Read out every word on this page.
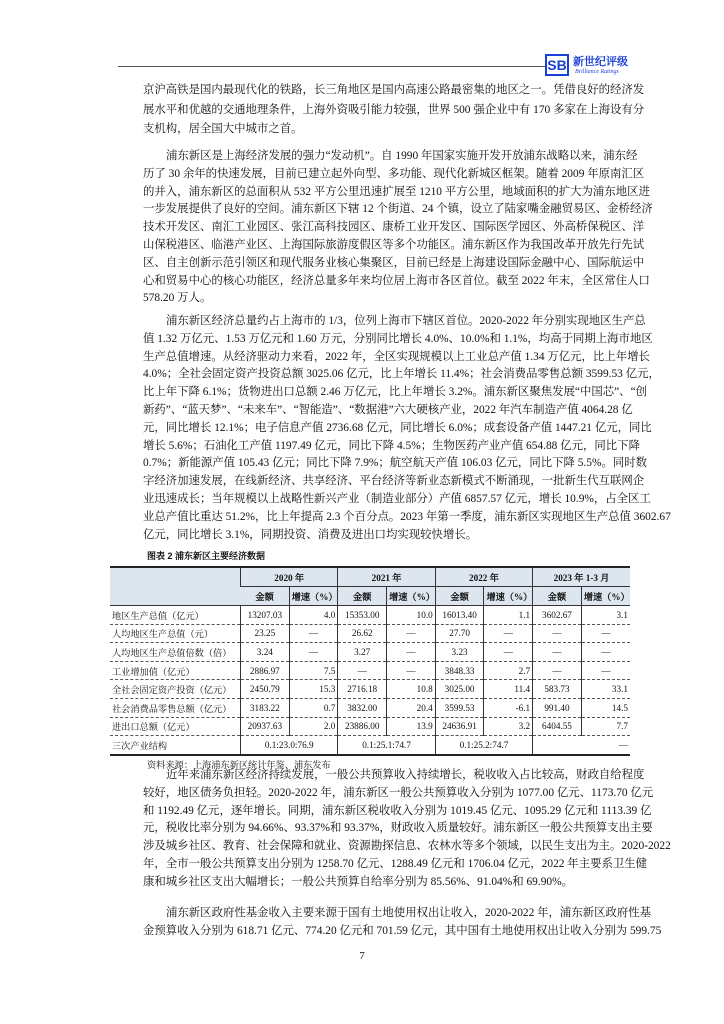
SB 新世纪评级
Brilliance Ratings
京沪高铁是国内最现代化的铁路，长三角地区是国内高速公路最密集的地区之一。凭借良好的经济发
展水平和优越的交通地理条件，上海外资吸引能力较强，世界 500 强企业中有 170 多家在上海设有分
支机构，居全国大中城市之首。
浦东新区是上海经济发展的强力“发动机”。自 1990 年国家实施开发开放浦东战略以来，浦东经
历了 30 余年的快速发展，目前已建立起外向型、多功能、现代化新城区框架。随着 2009 年原南汇区
的并入，浦东新区的总面积从 532 平方公里迅速扩展至 1210 平方公里，地域面积的扩大为浦东地区进
一步发展提供了良好的空间。浦东新区下辖 12 个街道、24 个镇，设立了陆家嘴金融贸易区、金桥经济
技术开发区、南汇工业园区、张江高科技园区、康桥工业开发区、国际医学园区、外高桥保税区、洋
山保税港区、临港产业区、上海国际旅游度假区等多个功能区。浦东新区作为我国改革开放先行先试
区、自主创新示范引领区和现代服务业核心集聚区，目前已经是上海建设国际金融中心、国际航运中
心和贸易中心的核心功能区，经济总量多年来均位居上海市各区首位。截至 2022 年末，全区常住人口
578.20 万人。
浦东新区经济总量约占上海市的 1/3，位列上海市下辖区首位。2020-2022 年分别实现地区生产总
值 1.32 万亿元、1.53 万亿元和 1.60 万元，分别同比增长 4.0%、10.0%和 1.1%，均高于同期上海市地区
生产总值增速。从经济驱动力来看，2022 年，全区实现规模以上工业总产值 1.34 万亿元，比上年增长
4.0%；全社会固定资产投资总额 3025.06 亿元，比上年增长 11.4%；社会消费品零售总额 3599.53 亿元，
比上年下降 6.1%；货物进出口总额 2.46 万亿元，比上年增长 3.2%。浦东新区聚焦发展“中国芯”、“创
新药”、“蓝天梦”、“未来车”、“智能造”、“数据港”六大硬核产业，2022 年汽车制造产值 4064.28 亿
元，同比增长 12.1%；电子信息产值 2736.68 亿元，同比增长 6.0%；成套设备产值 1447.21 亿元，同比
增长 5.6%；石油化工产值 1197.49 亿元，同比下降 4.5%；生物医药产业产值 654.88 亿元，同比下降
0.7%；新能源产值 105.43 亿元；同比下降 7.9%；航空航天产值 106.03 亿元，同比下降 5.5%。同时数
字经济加速发展，在线新经济、共享经济、平台经济等新业态新模式不断涌现，一批新生代互联网企
业迅速成长；当年规模以上战略性新兴产业（制造业部分）产值 6857.57 亿元，增长 10.9%，占全区工
业总产值比重达 51.2%，比上年提高 2.3 个百分点。2023 年第一季度，浦东新区实现地区生产总值 3602.67
亿元，同比增长 3.1%，同期投资、消费及进出口均实现较快增长。
近年来浦东新区经济持续发展，一般公共预算收入持续增长，税收收入占比较高，财政自给程度
较好，地区债务负担轻。2020-2022 年，浦东新区一般公共预算收入分别为 1077.00 亿元、1173.70 亿元
和 1192.49 亿元，逐年增长。同期，浦东新区税收收入分别为 1019.45 亿元、1095.29 亿元和 1113.39 亿
元，税收比率分别为 94.66%、93.37%和 93.37%，财政收入质量较好。浦东新区一般公共预算支出主要
涉及城乡社区、教育、社会保障和就业、资源勘探信息、农林水等多个领域，以民生支出为主。2020-2022
年，全市一般公共预算支出分别为 1258.70 亿元、1288.49 亿元和 1706.04 亿元，2022 年主要系卫生健
康和城乡社区支出大幅增长；一般公共预算自给率分别为 85.56%、91.04%和 69.90%。
浦东新区政府性基金收入主要来源于国有土地使用权出让收入，2020-2022 年，浦东新区政府性基
金预算收入分别为 618.71 亿元、774.20 亿元和 701.59 亿元，其中国有土地使用权出让收入分别为 599.75
图表 2 浦东新区主要经济数据
	2020 年		2021 年		2022 年		2023 年 1-3 月	
	金额	增速（%）	金额	增速（%）	金额	增速（%）	金额	增速（%）
地区生产总值（亿元）	13207.03	4.0	15353.00	10.0	16013.40	1.1	3602.67	3.1
人均地区生产总值（元）	23.25	—	26.62	—	27.70	—	—	—
人均地区生产总值倍数（倍）	3.24	—	3.27	—	3.23	—	—	—
工业增加值（亿元）	2886.97	7.5	—	—	3848.33	2.7	—	—
全社会固定资产投资（亿元）	2450.79	15.3	2716.18	10.8	3025.00	11.4	583.73	33.1
社会消费品零售总额（亿元）	3183.22	0.7	3832.00	20.4	3599.53	-6.1	991.40	14.5
进出口总额（亿元）	20937.63	2.0	23886.00	13.9	24636.91	3.2	6404.55	7.7
三次产业结构	0.1:23.0:76.9		0.1:25.1:74.7		0.1:25.2:74.7		—	
资料来源：上海浦东新区统计年鉴、浦东发布
7
